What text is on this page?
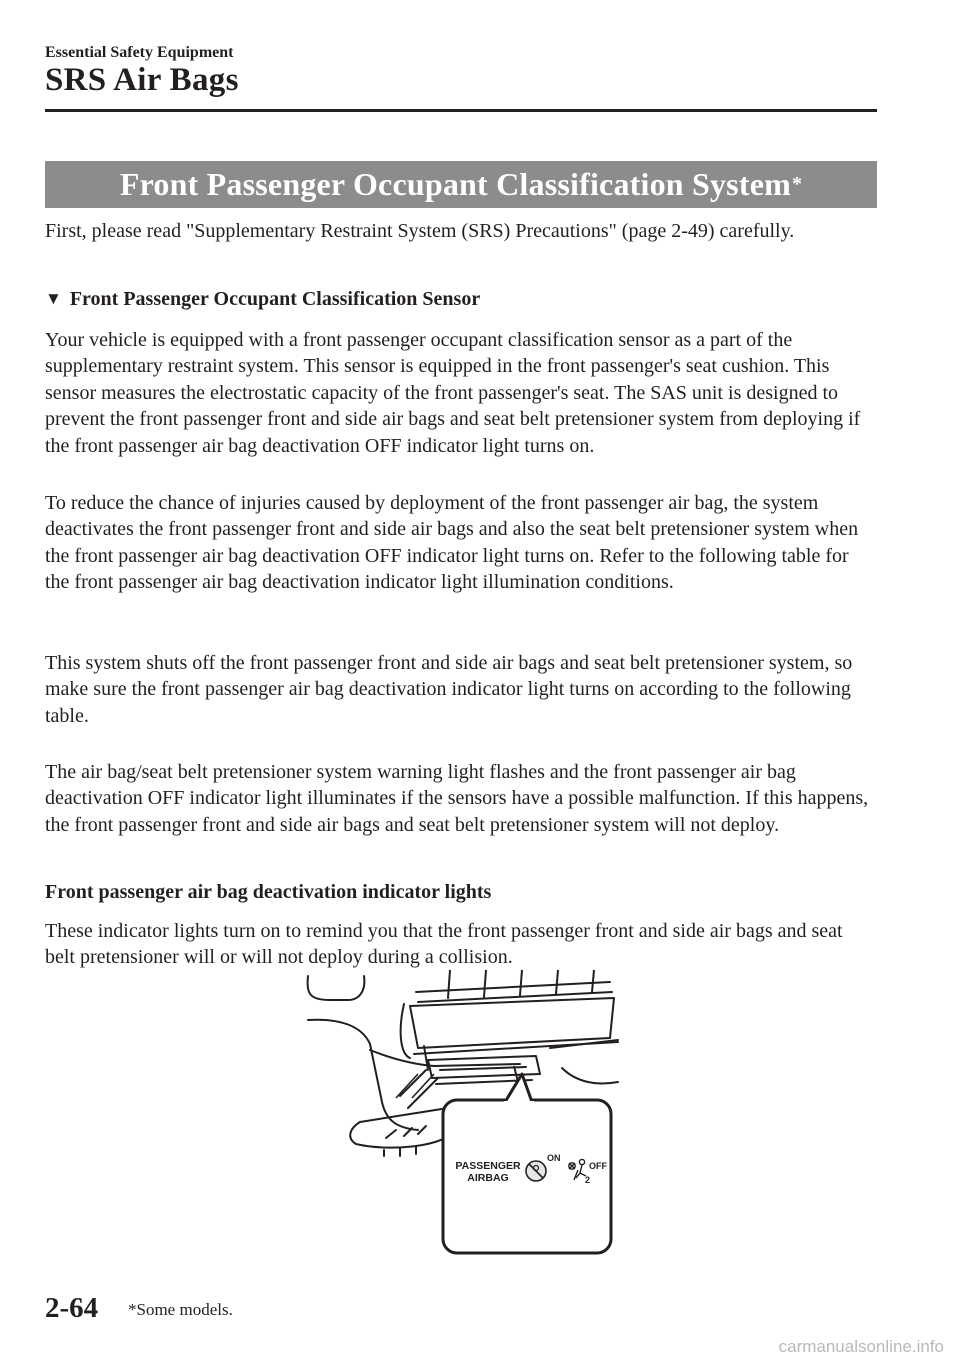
Essential Safety Equipment
SRS Air Bags
Front Passenger Occupant Classification System *

First, please read "Supplementary Restraint System (SRS) Precautions" (page 2-49) carefully.

▼ Front Passenger Occupant Classification Sensor

Your vehicle is equipped with a front passenger occupant classification sensor as a part of the supplementary restraint system. This sensor is equipped in the front passenger's seat cushion. This sensor measures the electrostatic capacity of the front passenger's seat. The SAS unit is designed to prevent the front passenger front and side air bags and seat belt pretensioner system from deploying if the front passenger air bag deactivation OFF indicator light turns on.

To reduce the chance of injuries caused by deployment of the front passenger air bag, the system deactivates the front passenger front and side air bags and also the seat belt pretensioner system when the front passenger air bag deactivation OFF indicator light turns on. Refer to the following table for the front passenger air bag deactivation indicator light illumination conditions.

This system shuts off the front passenger front and side air bags and seat belt pretensioner system, so make sure the front passenger air bag deactivation indicator light turns on according to the following table.

The air bag/seat belt pretensioner system warning light flashes and the front passenger air bag deactivation OFF indicator light illuminates if the sensors have a possible malfunction. If this happens, the front passenger front and side air bags and seat belt pretensioner system will not deploy.

Front passenger air bag deactivation indicator lights

These indicator lights turn on to remind you that the front passenger front and side air bags and seat belt pretensioner will or will not deploy during a collision.

PASSENGER
AIRBAG
ON
OFF
2
2-64 *Some models.
carmanualsonline.info
